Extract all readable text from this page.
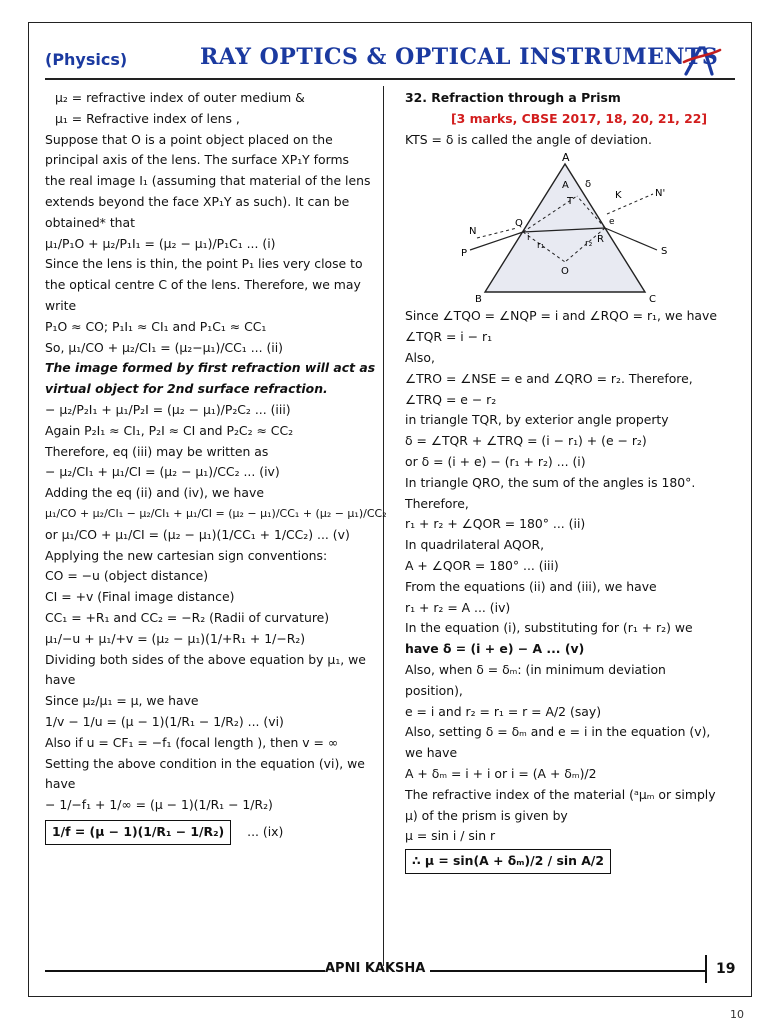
(Physics)	RAY OPTICS & OPTICAL INSTRUMENTS
μ₂ = refractive index of outer medium &
μ₁ = Refractive index of lens ,
Suppose that O is a point object placed on the
principal axis of the lens. The surface XP₁Y forms
the real image I₁ (assuming that material of the lens
extends beyond the face XP₁Y as such). It can be
obtained* that
μ₁/P₁O + μ₂/P₁I₁ = (μ₂ − μ₁)/P₁C₁ ... (i)
Since the lens is thin, the point P₁ lies very close to
the optical centre C of the lens. Therefore, we may
write
P₁O ≈ CO; P₁I₁ ≈ CI₁ and P₁C₁ ≈ CC₁
So, μ₁/CO + μ₂/CI₁ = (μ₂−μ₁)/CC₁ ... (ii)
The image formed by first refraction will act as
virtual object for 2nd surface refraction.
− μ₂/P₂I₁ + μ₁/P₂I = (μ₂ − μ₁)/P₂C₂ ... (iii)
Again P₂I₁ ≈ CI₁, P₂I ≈ CI and P₂C₂ ≈ CC₂
Therefore, eq (iii) may be written as
− μ₂/CI₁ + μ₁/CI = (μ₂ − μ₁)/CC₂ ... (iv)
Adding the eq (ii) and (iv), we have
μ₁/CO + μ₂/CI₁ − μ₂/CI₁ + μ₁/CI = (μ₂ − μ₁)/CC₁ + (μ₂ − μ₁)/CC₂
or μ₁/CO + μ₁/CI = (μ₂ − μ₁)(1/CC₁ + 1/CC₂) ... (v)
Applying the new cartesian sign conventions:
CO = −u (object distance)
CI = +v (Final image distance)
CC₁ = +R₁ and CC₂ = −R₂ (Radii of curvature)
μ₁/−u + μ₁/+v = (μ₂ − μ₁)(1/+R₁ + 1/−R₂)
Dividing both sides of the above equation by μ₁, we
have
Since μ₂/μ₁ = μ, we have
1/v − 1/u = (μ − 1)(1/R₁ − 1/R₂) ... (vi)
Also if u = CF₁ = −f₁ (focal length ), then v = ∞
Setting the above condition in the equation (vi), we
have
− 1/−f₁ + 1/∞ = (μ − 1)(1/R₁ − 1/R₂)
1/f = (μ − 1)(1/R₁ − 1/R₂) ... (ix)
32. Refraction through a Prism
[3 marks, CBSE 2017, 18, 20, 21, 22]
KTS = δ is called the angle of deviation.
A
A δ
T
K	N'
N
Q
i
r₁	r₂
e
R
P
O
S
B	C
Since ∠TQO = ∠NQP = i and ∠RQO = r₁, we have
∠TQR = i − r₁
Also,
∠TRO = ∠NSE = e and ∠QRO = r₂. Therefore,
∠TRQ = e − r₂
in triangle TQR, by exterior angle property
δ = ∠TQR + ∠TRQ = (i − r₁) + (e − r₂)
or δ = (i + e) − (r₁ + r₂) ... (i)
In triangle QRO, the sum of the angles is 180°.
Therefore,
r₁ + r₂ + ∠QOR = 180° ... (ii)
In quadrilateral AQOR,
A + ∠QOR = 180° ... (iii)
From the equations (ii) and (iii), we have
r₁ + r₂ = A ... (iv)
In the equation (i), substituting for (r₁ + r₂) we
have δ = (i + e) − A ... (v)
Also, when δ = δₘ: (in minimum deviation
position),
e = i and r₂ = r₁ = r = A/2 (say)
Also, setting δ = δₘ and e = i in the equation (v),
we have
A + δₘ = i + i or i = (A + δₘ)/2
The refractive index of the material (ᵃμₘ or simply
μ) of the prism is given by
μ = sin i / sin r
∴ μ = sin(A + δₘ)/2 / sin A/2
APNI KAKSHA	19
10
